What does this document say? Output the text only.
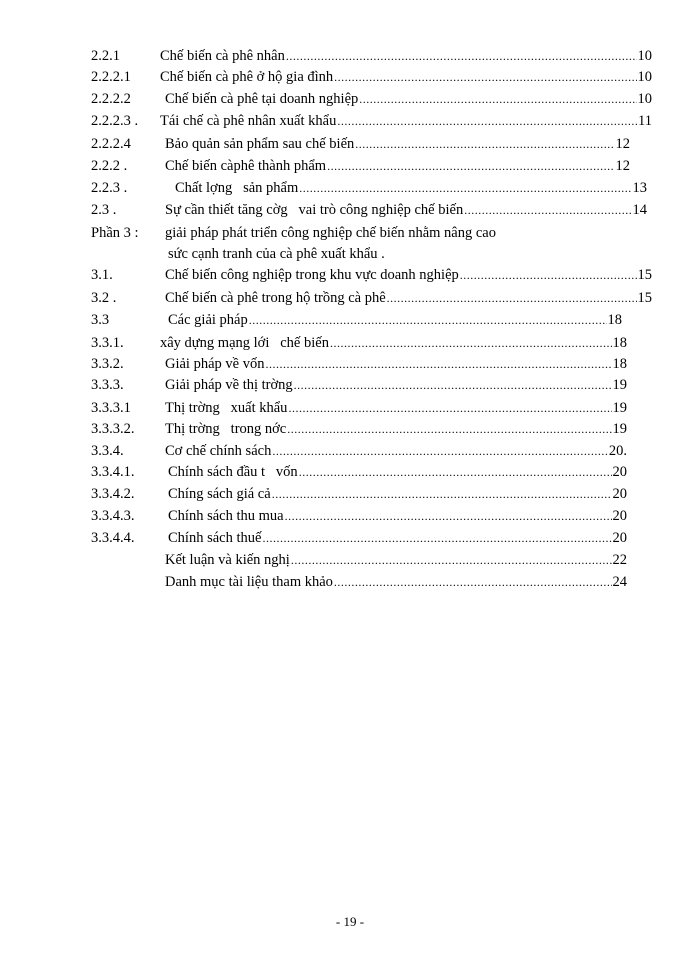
2.2.1	Chế biến cà phê nhân .....	10
2.2.2.1 Chế biến cà phê ở hộ gia đình .....	10
2.2.2.2 Chế biến cà phê tại doanh nghiệp .....	10
2.2.2.3 . Tái chế cà phê nhân xuất khẩu .....	11
2.2.2.4 Bảo quản sản phẩm sau chế biến .....	12
2.2.2 .	Chế biến càphê thành phẩm .....	12
2.2.3 .	Chất lợng   sản phẩm .....	13
2.3 .	Sự cần thiết tăng cờg   vai trò công nghiệp chế biến .....	14
Phần 3 : giải pháp phát triển công nghiệp chế biến nhằm nâng cao
sức cạnh tranh của cà phê xuất khẩu .
3.1.	Chế biến công nghiệp trong khu vực doanh nghiệp .....	15
3.2 .	Chế biến cà phê trong hộ trồng cà phê .....	15
3.3	Các giải pháp .....	18
3.3.1.	xây dựng mạng lới   chế biến .....	18
3.3.2.	Giải pháp về vốn .....	18
3.3.3.	Giải pháp về thị trờng .....	19
3.3.3.1 Thị trờng   xuất khẩu .....	19
3.3.3.2. Thị trờng   trong nớc .....	19
3.3.4.	Cơ chế chính sách .....	20.
3.3.4.1. Chính sách đầu t   vốn .....	20
3.3.4.2. Chíng sách giá cả .....	20
3.3.4.3. Chính sách thu mua .....	20
3.3.4.4. Chính sách thuế .....	20
Kết luận và kiến nghị .....	22
Danh mục tài liệu tham khảo .....	24
- 19 -
